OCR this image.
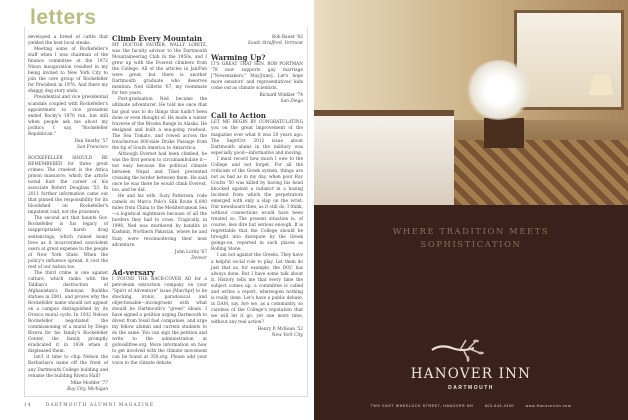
letters

developed a breed of cattle that yielded the best local steaks.

Meeting some of Rockefeller's staff when I was chairman of the finance committee at the 1972 Nixon inauguration resulted in my being invited to New York City to join the core group of Rockefeller for President in 1976. And there my shaggy dog story ends.

Presidential and vice presidential scandals coupled with Rockefeller's appointment to vice president ended Rocky's 1976 run, but still when people ask me about my politics I say, "Rockefeller Republican."

Dan Searby '57
San Francisco

ROCKEFELLER SHOULD BE REMEMBERED for three great crimes: The cruelest is the Attica prison massacre, which the article noted hurt the career of his associate Robert Douglass '53. In 2011 further information came out that pinned the responsibility for its bloodshed on Rockefeller's impatient raid, not the prisoners.

The second act that haunts Gov. Rockefeller is his legacy of inappropriately harsh drug sentencings, which ruined many lives as it incarcerated nonviolent users at great expense to the people of New York State. When the policy's influence spread, it cost the rest of our nation too.

The third crime is one against culture, which ranks with the Taliban's destruction of Afghanistan's Bamiyan Buddha statues in 2001, and proves why the Rockefeller name should not appear on a campus distinguished by its Orozco mural cycle. In 1932 Nelson Rockefeller negotiated the commissioning of a mural by Diego Rivera for his family's Rockefeller Center, the family promptly eradicated it in 1934 when it displeased them.

Isn't it time to chip Nelson the Barbarian's name off the front of any Dartmouth College building and rename the building Rivera Hall?

Mike Modder '77
Bay City, Michigan
Climb Every Mountain

MY DOCTOR FATHER, WALLY LORITZ, was the faculty advisor to the Dartmouth Mountaineering Club in the 1950s, and I grew up with the Everest climbers from the College. All of the articles in Jan/Feb were great, but there is another Dartmouth graduate who deserves mention: Ned Gillette '67, my roommate for two years.

Post-graduation Ned became the ultimate adventurer. He told me once that his goal was to do things that hadn't been done or even thought of. He made a winter traverse of the Brooks Range in Alaska. He designed and built a sea-going rowboat, The Sea Tomato, and rowed across the treacherous 600-mile Drake Passage from the tip of South America to Antarctica.

Although Everest had been climbed, he was the first person to circumambulate it—not easy because the political climate between Nepal and Tibet prevented crossing the border between them. He said once he was there he would climb Everest, too, and he did.

He and his wife, Suzy Patterson, rode camels on Marco Polo's Silk Route 6,000 miles from China to the Mediterranean Sea—a logistical nightmare because of all the borders they had to cross. Tragically, in 1998, Ned was murdered by bandits in Kashmir, Northern Pakistan, where he and Suzy were reconnoitering their next adventure.

John Loritz '67
Denver
Ad-versary

I FOUND THE BACK-COVER AD for a petroleum extraction company on your "Spirit of Adventure" issue [Mar/Apr] to be shocking, ironic, paradoxical and objectionable—incongruent with what should be Dartmouth's "green" ideals. I have signed a petition urging Dartmouth to divest from fossil fuel companies, and urge my fellow alumni and current students to do the same. You can sign the petition and write to the administration at gofossilfree.org. More information on how to get involved with the climate movement can be found at 350.org. Please add your voice to the climate debate.

Bob Bauer '82
South Strafford, Vermont
Warming Up?

IT'S GREAT THAT SEN. ROB PORTMAN '78 now supports gay marriage ["Newsmakers," May/June]. Let's hope more senators' and representatives' kids come out as climate scientists.

Richard Winkler '74
San Diego
Call to Action

LET ME BEGIN BY CONGRATULATING you on the great improvement of the magazine over what it was 20 years ago. The Sept/Oct 2012 issue about Dartmouth alums in the military was especially good—informative and moving.

I must record how much I owe to the College and not forget. For all the criticism of the Greek system, things are not as bad as in my day, when poor Ray Coutts '50 was killed by having his head knocked against a radiator in a hazing incident from which the perpetrators emerged with only a slap on the wrist. Our newsboard then, as it still do, I think, without connections would have been treated so. The present situation is, of course, less dire but serious enough. It is regrettable that the College should be brought into disrepute by the Greek goings-on, reported in such places as Rolling Stone.

I am not against the Greeks. They have a helpful social role to play. Let them do just that as, for example, the DOC has always done. But I have some talk about it. History tells me that every time the subject comes up, a committee is called and writes a report, whereupon nothing is really done. Let's have a public debate, in DAM, say. Are we, as a community, so careless of the College's reputation that we will let it go, yet one more time, without any real action?

Henry P. McKean '52
New York City
14	DARTMOUTH ALUMNI MAGAZINE
WHERE TRADITION MEETS
SOPHISTICATION
HANOVER INN
DARTMOUTH
TWO EAST WHEELOCK STREET, HANOVER NH	603.643.4300	www.HanoverInn.com
